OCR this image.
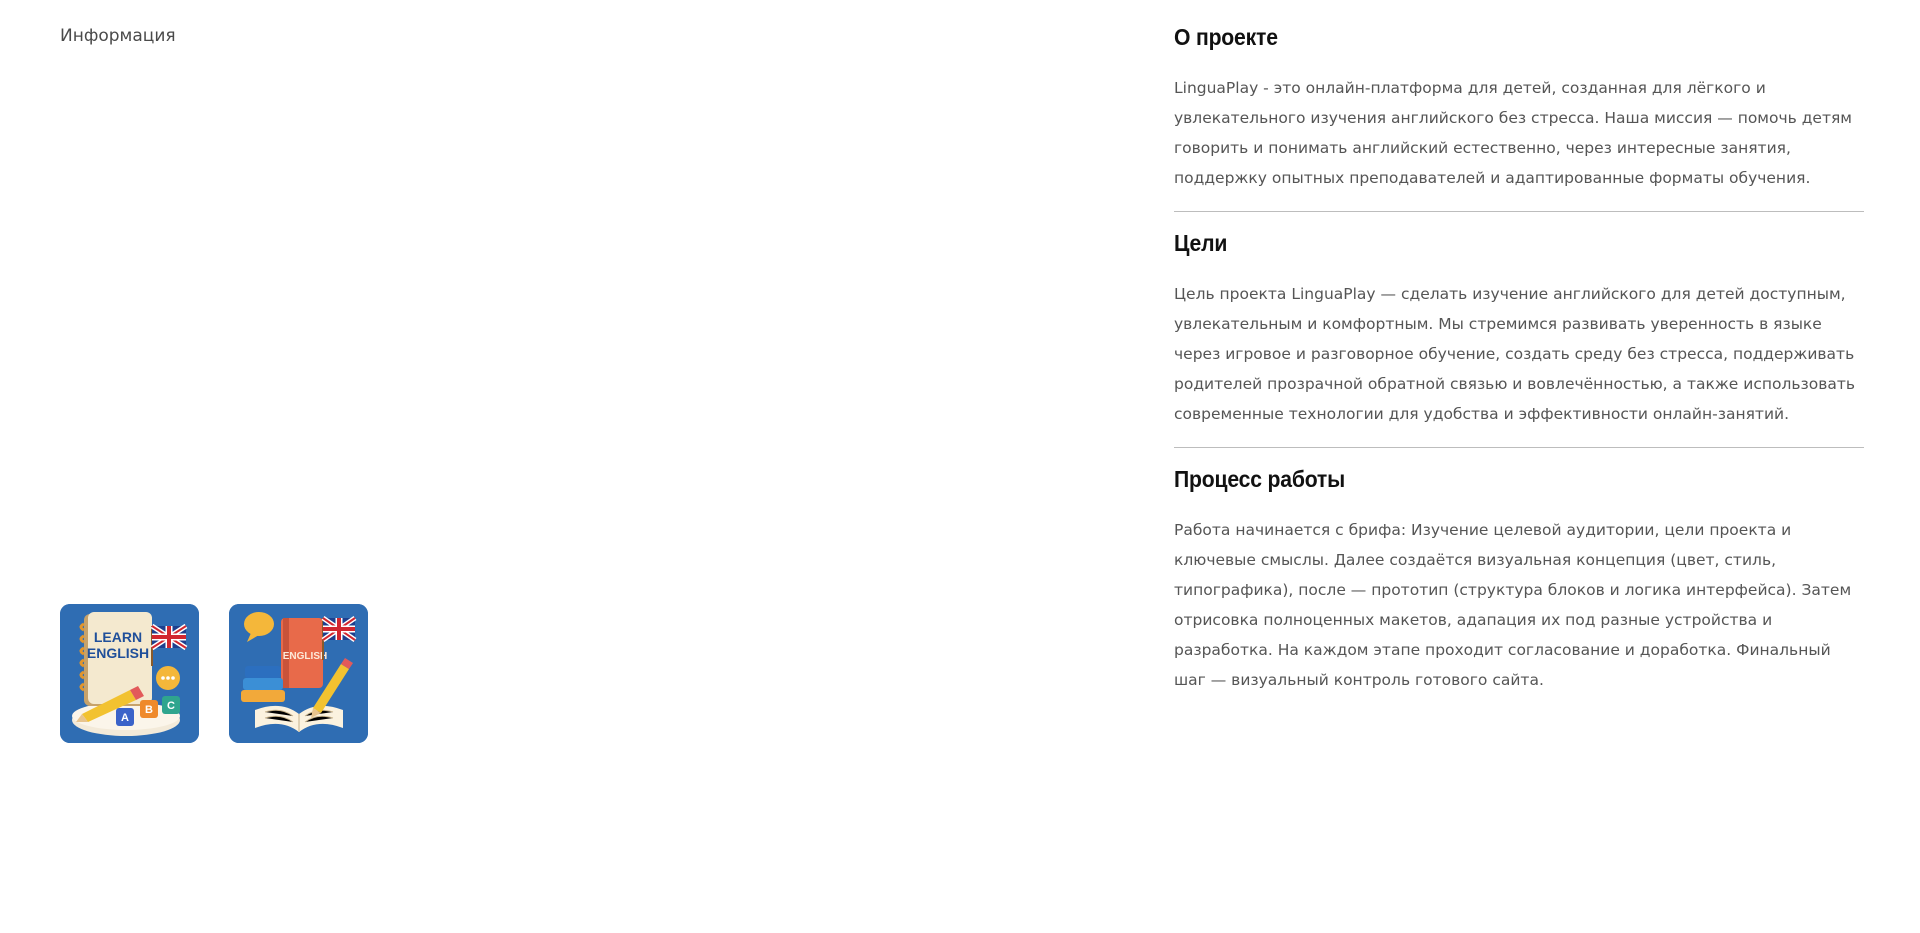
Информация
LEARN
ENGLISH
A
B C
ENGLISH
О проекте

LinguaPlay - это онлайн-платформа для детей, созданная для лёгкого и увлекательного изучения английского без стресса. Наша миссия — помочь детям говорить и понимать английский естественно, через интересные занятия, поддержку опытных преподавателей и адаптированные форматы обучения.

Цели

Цель проекта LinguaPlay — сделать изучение английского для детей доступным, увлекательным и комфортным. Мы стремимся развивать уверенность в языке через игровое и разговорное обучение, создать среду без стресса, поддерживать родителей прозрачной обратной связью и вовлечённостью, а также использовать современные технологии для удобства и эффективности онлайн-занятий.

Процесс работы

Работа начинается с брифа: Изучение целевой аудитории, цели проекта и ключевые смыслы. Далее создаётся визуальная концепция (цвет, стиль, типографика), после — прототип (структура блоков и логика интерфейса). Затем отрисовка полноценных макетов, адапация их под разные устройства и разработка. На каждом этапе проходит согласование и доработка. Финальный шаг — визуальный контроль готового сайта.
